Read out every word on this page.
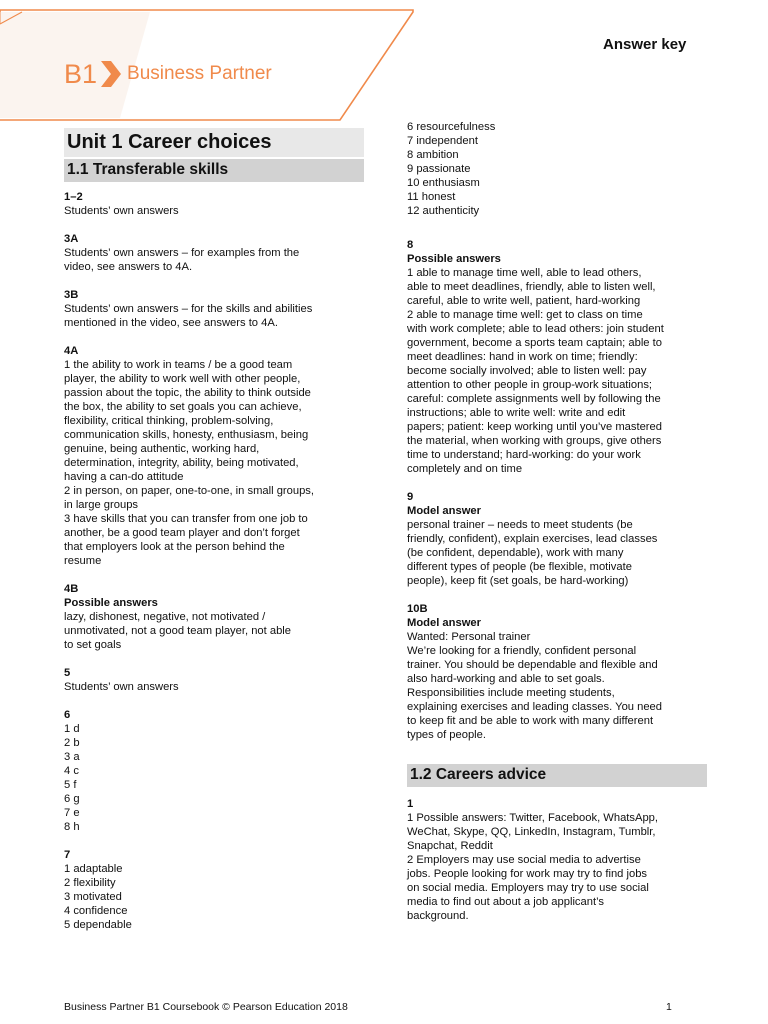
B1 Business Partner
Answer key
Unit 1 Career choices
1.1 Transferable skills
1–2
Students’ own answers
3A
Students’ own answers – for examples from the
video, see answers to 4A.
3B
Students’ own answers – for the skills and abilities
mentioned in the video, see answers to 4A.
4A
1 the ability to work in teams / be a good team
player, the ability to work well with other people,
passion about the topic, the ability to think outside
the box, the ability to set goals you can achieve,
flexibility, critical thinking, problem-solving,
communication skills, honesty, enthusiasm, being
genuine, being authentic, working hard,
determination, integrity, ability, being motivated,
having a can-do attitude
2 in person, on paper, one-to-one, in small groups,
in large groups
3 have skills that you can transfer from one job to
another, be a good team player and don’t forget
that employers look at the person behind the
resume
4B
Possible answers
lazy, dishonest, negative, not motivated /
unmotivated, not a good team player, not able
to set goals
5
Students’ own answers
6
1 d
2 b
3 a
4 c
5 f
6 g
7 e
8 h
7
1 adaptable
2 flexibility
3 motivated
4 confidence
5 dependable
6 resourcefulness
7 independent
8 ambition
9 passionate
10 enthusiasm
11 honest
12 authenticity
8
Possible answers
1 able to manage time well, able to lead others,
able to meet deadlines, friendly, able to listen well,
careful, able to write well, patient, hard-working
2 able to manage time well: get to class on time
with work complete; able to lead others: join student
government, become a sports team captain; able to
meet deadlines: hand in work on time; friendly:
become socially involved; able to listen well: pay
attention to other people in group-work situations;
careful: complete assignments well by following the
instructions; able to write well: write and edit
papers; patient: keep working until you’ve mastered
the material, when working with groups, give others
time to understand; hard-working: do your work
completely and on time
9
Model answer
personal trainer – needs to meet students (be
friendly, confident), explain exercises, lead classes
(be confident, dependable), work with many
different types of people (be flexible, motivate
people), keep fit (set goals, be hard-working)
10B
Model answer
Wanted: Personal trainer
We’re looking for a friendly, confident personal
trainer. You should be dependable and flexible and
also hard-working and able to set goals.
Responsibilities include meeting students,
explaining exercises and leading classes. You need
to keep fit and be able to work with many different
types of people.
1.2 Careers advice
1
1 Possible answers: Twitter, Facebook, WhatsApp,
WeChat, Skype, QQ, LinkedIn, Instagram, Tumblr,
Snapchat, Reddit
2 Employers may use social media to advertise
jobs. People looking for work may try to find jobs
on social media. Employers may try to use social
media to find out about a job applicant’s
background.
Business Partner B1 Coursebook © Pearson Education 2018	1
